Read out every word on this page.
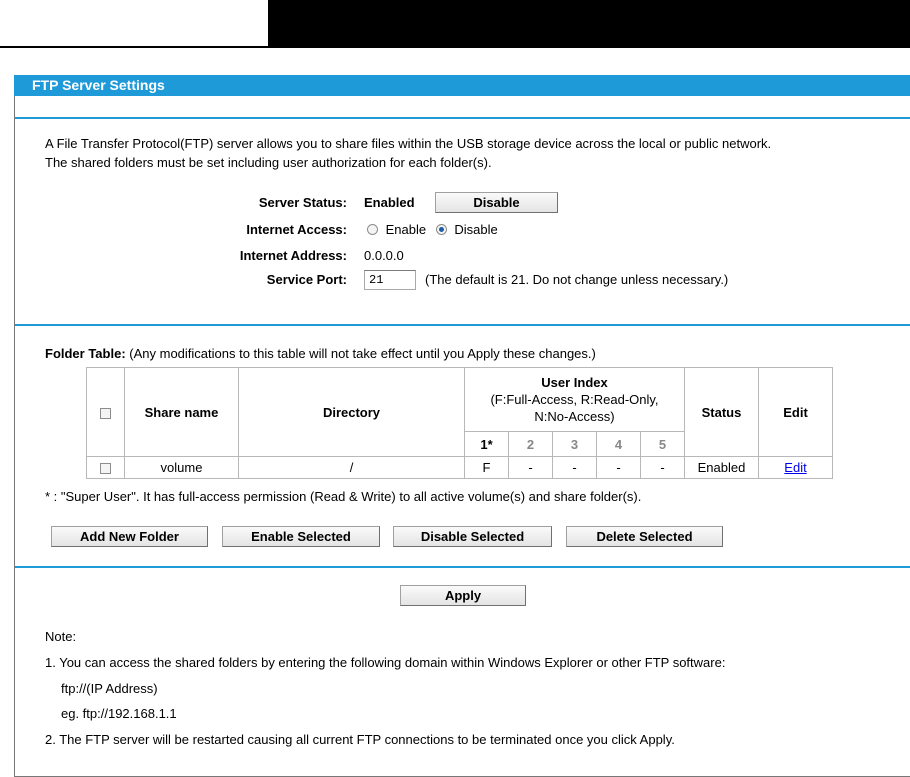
FTP Server Settings
A File Transfer Protocol(FTP) server allows you to share files within the USB storage device across the local or public network.
The shared folders must be set including user authorization for each folder(s).
Server Status: Enabled	Disable
Internet Access:	Enable Disable
Internet Address: 0.0.0.0
Service Port:
21	(The default is 21. Do not change unless necessary.)
Folder Table: (Any modifications to this table will not take effect until you Apply these changes.)
	Share name	Directory	User Index
(F:Full-Access, R:Read-Only,
N:No-Access)					Status	Edit
			1*	2	3	4	5		
	volume	/	F	-	-	-	-	Enabled	Edit
* : "Super User". It has full-access permission (Read & Write) to all active volume(s) and share folder(s).
Add New Folder	Enable Selected	Disable Selected	Delete Selected
Apply
Note:
1. You can access the shared folders by entering the following domain within Windows Explorer or other FTP software:
ftp://(IP Address)
eg. ftp://192.168.1.1
2. The FTP server will be restarted causing all current FTP connections to be terminated once you click Apply.
